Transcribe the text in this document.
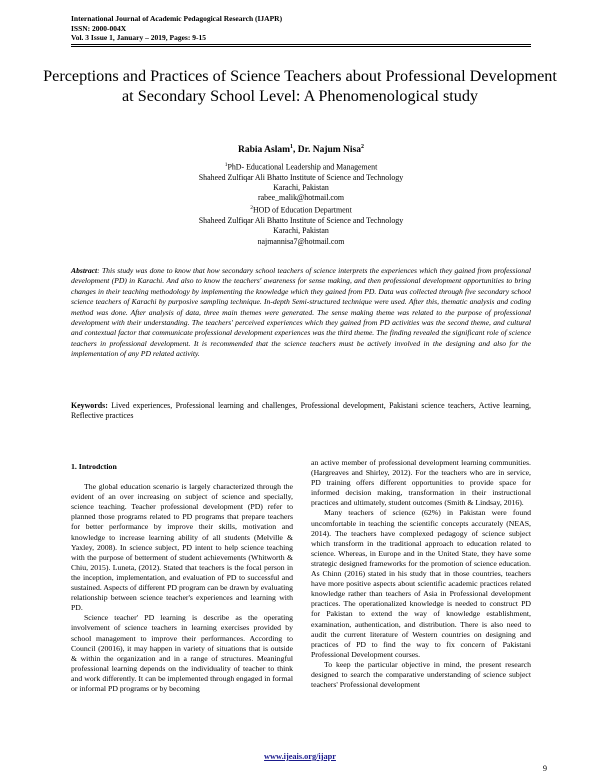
International Journal of Academic Pedagogical Research (IJAPR)
ISSN: 2000-004X
Vol. 3 Issue 1, January – 2019, Pages: 9-15
Perceptions and Practices of Science Teachers about Professional Development at Secondary School Level: A Phenomenological study
Rabia Aslam$^1$, Dr. Najum Nisa$^2$
$^1$PhD- Educational Leadership and Management
Shaheed Zulfiqar Ali Bhatto Institute of Science and Technology
Karachi, Pakistan
rabee_malik@hotmail.com
$^2$HOD of Education Department
Shaheed Zulfiqar Ali Bhatto Institute of Science and Technology
Karachi, Pakistan
najmannisa7@hotmail.com
Abstract: This study was done to know that how secondary school teachers of science interprets the experiences which they gained from professional development (PD) in Karachi. And also to know the teachers' awareness for sense making, and then professional development opportunities to bring changes in their teaching methodology by implementing the knowledge which they gained from PD. Data was collected through five secondary school science teachers of Karachi by purposive sampling technique. In-depth Semi-structured technique were used. After this, thematic analysis and coding method was done. After analysis of data, three main themes were generated. The sense making theme was related to the purpose of professional development with their understanding. The teachers' perceived experiences which they gained from PD activities was the second theme, and cultural and contextual factor that communicate professional development experiences was the third theme. The finding revealed the significant role of science teachers in professional development. It is recommended that the science teachers must be actively involved in the designing and also for the implementation of any PD related activity.
Keywords: Lived experiences, Professional learning and challenges, Professional development, Pakistani science teachers, Active learning, Reflective practices
1. Introdction

The global education scenario is largely characterized through the evident of an over increasing on subject of science and specially, science teaching. Teacher professional development (PD) refer to planned those programs related to PD programs that prepare teachers for better performance by improve their skills, motivation and knowledge to increase learning ability of all students (Melville & Yaxley, 2008). In science subject, PD intent to help science teaching with the purpose of betterment of student achievements (Whitworth & Chiu, 2015). Luneta, (2012). Stated that teachers is the focal person in the inception, implementation, and evaluation of PD to successful and sustained. Aspects of different PD program can be drawn by evaluating relationship between science teacher's experiences and learning with PD.

Science teacher' PD learning is describe as the operating involvement of science teachers in learning exercises provided by school management to improve their performances. According to Council (20016), it may happen in variety of situations that is outside & within the organization and in a range of structures. Meaningful professional learning depends on the individuality of teacher to think and work differently. It can be implemented through engaged in formal or informal PD programs or by becoming

an active member of professional development learning communities. (Hargreaves and Shirley, 2012). For the teachers who are in service, PD training offers different opportunities to provide space for informed decision making, transformation in their instructional practices and ultimately, student outcomes (Smith & Lindsay, 2016).

Many teachers of science (62%) in Pakistan were found uncomfortable in teaching the scientific concepts accurately (NEAS, 2014). The teachers have complexed pedagogy of science subject which transform in the traditional approach to education related to science. Whereas, in Europe and in the United State, they have some strategic designed frameworks for the promotion of science education. As Chinn (2016) stated in his study that in those countries, teachers have more positive aspects about scientific academic practices related knowledge rather than teachers of Asia in Professional development practices. The operationalized knowledge is needed to construct PD for Pakistan to extend the way of knowledge establishment, examination, authentication, and distribution. There is also need to audit the current literature of Western countries on designing and practices of PD to find the way to fix concern of Pakistani Professional Development courses.

To keep the particular objective in mind, the present research designed to search the comparative understanding of science subject teachers' Professional development

www.ijeais.org/ijapr
9
